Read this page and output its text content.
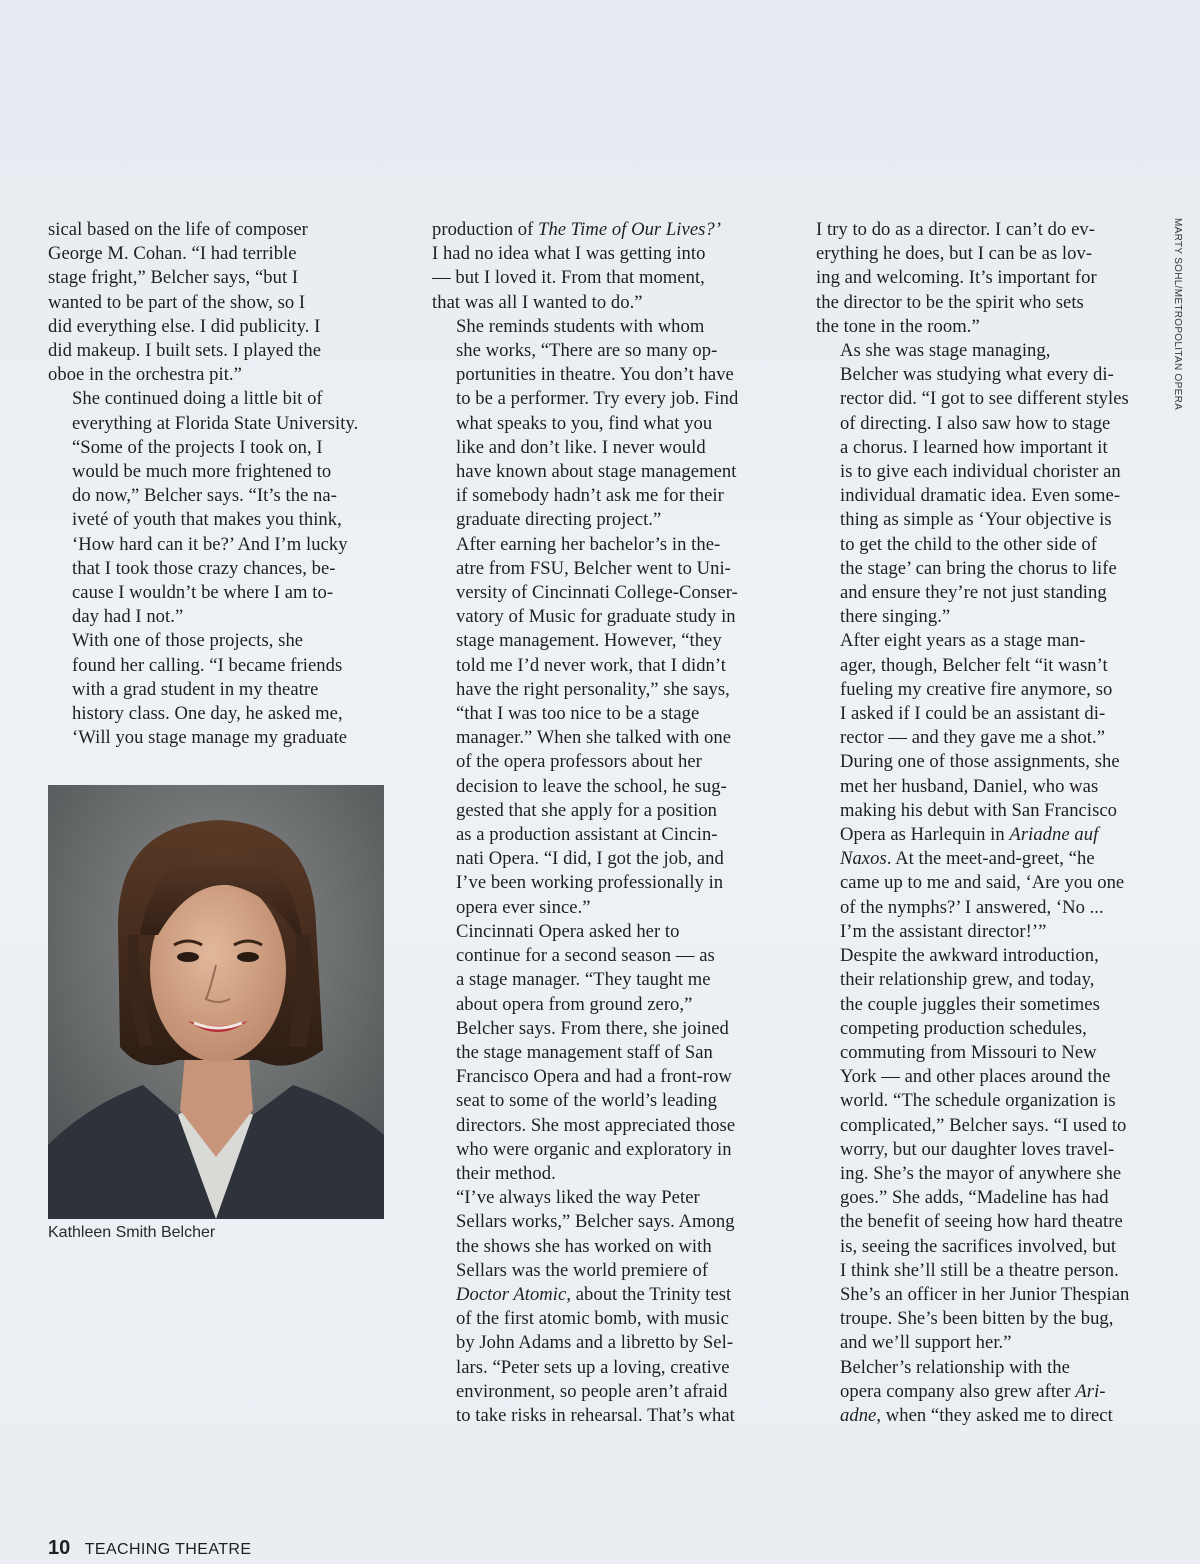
sical based on the life of composer
George M. Cohan. “I had terrible
stage fright,” Belcher says, “but I
wanted to be part of the show, so I
did everything else. I did publicity. I
did makeup. I built sets. I played the
oboe in the orchestra pit.”

She continued doing a little bit of
everything at Florida State University.
“Some of the projects I took on, I
would be much more frightened to
do now,” Belcher says. “It’s the na-
iveté of youth that makes you think,
‘How hard can it be?’ And I’m lucky
that I took those crazy chances, be-
cause I wouldn’t be where I am to-
day had I not.”

With one of those projects, she
found her calling. “I became friends
with a grad student in my theatre
history class. One day, he asked me,
‘Will you stage manage my graduate

production of The Time of Our Lives?’
I had no idea what I was getting into
— but I loved it. From that moment,
that was all I wanted to do.”

She reminds students with whom
she works, “There are so many op-
portunities in theatre. You don’t have
to be a performer. Try every job. Find
what speaks to you, find what you
like and don’t like. I never would
have known about stage management
if somebody hadn’t ask me for their
graduate directing project.”

After earning her bachelor’s in the-
atre from FSU, Belcher went to Uni-
versity of Cincinnati College-Conser-
vatory of Music for graduate study in
stage management. However, “they
told me I’d never work, that I didn’t
have the right personality,” she says,
“that I was too nice to be a stage
manager.” When she talked with one
of the opera professors about her
decision to leave the school, he sug-
gested that she apply for a position
as a production assistant at Cincin-
nati Opera. “I did, I got the job, and
I’ve been working professionally in
opera ever since.”

Cincinnati Opera asked her to
continue for a second season — as
a stage manager. “They taught me
about opera from ground zero,”
Belcher says. From there, she joined
the stage management staff of San
Francisco Opera and had a front-row
seat to some of the world’s leading
directors. She most appreciated those
who were organic and exploratory in
their method.

“I’ve always liked the way Peter
Sellars works,” Belcher says. Among
the shows she has worked on with
Sellars was the world premiere of
Doctor Atomic, about the Trinity test
of the first atomic bomb, with music
by John Adams and a libretto by Sel-
lars. “Peter sets up a loving, creative
environment, so people aren’t afraid
to take risks in rehearsal. That’s what

I try to do as a director. I can’t do ev-
erything he does, but I can be as lov-
ing and welcoming. It’s important for
the director to be the spirit who sets
the tone in the room.”

As she was stage managing,
Belcher was studying what every di-
rector did. “I got to see different styles
of directing. I also saw how to stage
a chorus. I learned how important it
is to give each individual chorister an
individual dramatic idea. Even some-
thing as simple as ‘Your objective is
to get the child to the other side of
the stage’ can bring the chorus to life
and ensure they’re not just standing
there singing.”

After eight years as a stage man-
ager, though, Belcher felt “it wasn’t
fueling my creative fire anymore, so
I asked if I could be an assistant di-
rector — and they gave me a shot.”
During one of those assignments, she
met her husband, Daniel, who was
making his debut with San Francisco
Opera as Harlequin in Ariadne auf
Naxos. At the meet-and-greet, “he
came up to me and said, ‘Are you one
of the nymphs?’ I answered, ‘No ...
I’m the assistant director!’”

Despite the awkward introduction,
their relationship grew, and today,
the couple juggles their sometimes
competing production schedules,
commuting from Missouri to New
York — and other places around the
world. “The schedule organization is
complicated,” Belcher says. “I used to
worry, but our daughter loves travel-
ing. She’s the mayor of anywhere she
goes.” She adds, “Madeline has had
the benefit of seeing how hard theatre
is, seeing the sacrifices involved, but
I think she’ll still be a theatre person.
She’s an officer in her Junior Thespian
troupe. She’s been bitten by the bug,
and we’ll support her.”

Belcher’s relationship with the
opera company also grew after Ari-
adne, when “they asked me to direct

Kathleen Smith Belcher
MARTY SOHL/METROPOLITAN OPERA
10 TEACHING THEATRE
